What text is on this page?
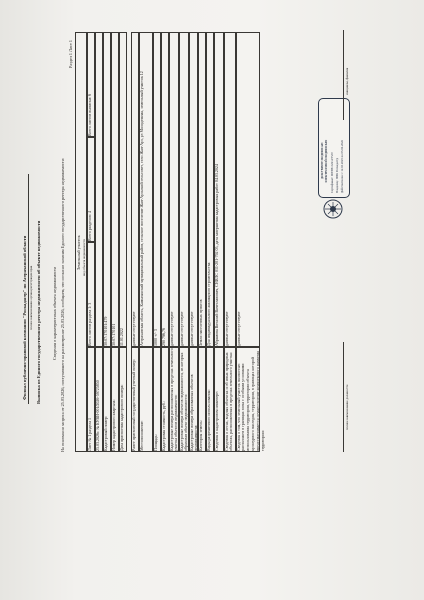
Филиал публично-правовой компании "Роскадастр" по Астраханской области полное наименование органа регистрации прав Выписка из Единого государственного реестра недвижимости об объекте недвижимости	Сведения о характеристиках объекта недвижимости На основании запроса от 25.03.2026, поступившего на рассмотрение 25.03.2026, сообщаем, что согласно записям Единого государственного реестра недвижимости:
Раздел 1 Лист 1
Земельный участок вид объекта недвижимости
Лист № 1 раздела 1
Всего листов раздела 1: 3
Всего разделов: 4
Всего листов выписки: 6
25.03.2026г. № КУВИ-001/2026-59725850 Кадастровый номер:
30:07:170101:479
Номер кадастрового квартала:
30:07:170101
Дата присвоения кадастрового номера:
11.01.2022
Ранее присвоенный государственный учетный номер:
данные отсутствуют
Местоположение:
Астраханская область, Камызякский муниципальный район, сельское поселение Жан-Аульский сельсовет, село Жан-Аул, ул Молодежная, земельный участок 12
Площадь:
1000 +/- 3
Кадастровая стоимость, руб.:
290 796,76
Кадастровые номера расположенных в пределах земельного участка объектов недвижимости:
данные отсутствуют
Кадастровые номера объектов недвижимости, из которых образован объект недвижимости:
данные отсутствуют
Кадастровые номера образованных объектов недвижимости:
данные отсутствуют
Категория земель:
Земли населенных пунктов
Виды разрешенного использования:
Для индивидуального жилищного строительства
Сведения о кадастровом инженере:
Абрамова Виталий Вячеславович, СНИЛС 011-201-792 05, дата завершения кадастровых работ 04.03.2024
Сведения о лесах, водных объектах и об иных природных объектах, расположенных в пределах земельного участка:
данные отсутствуют
Сведения о том, что земельный участок полностью расположен в границах зоны с особыми условиями использования территории, территории объекта культурного наследия, территории, в границах которой предусматривается осуществление комплексного развития территории:
данные отсутствуют
ДОКУМЕНТ ПОДПИСАН ЭЛЕКТРОННОЙ ПОДПИСЬЮ Сертификат: 00E9B1A3C47F2D Владелец: ППК Роскадастр Действителен: с 12.03.2025 по 05.06.2026
полное наименование должности
инициалы, фамилия
